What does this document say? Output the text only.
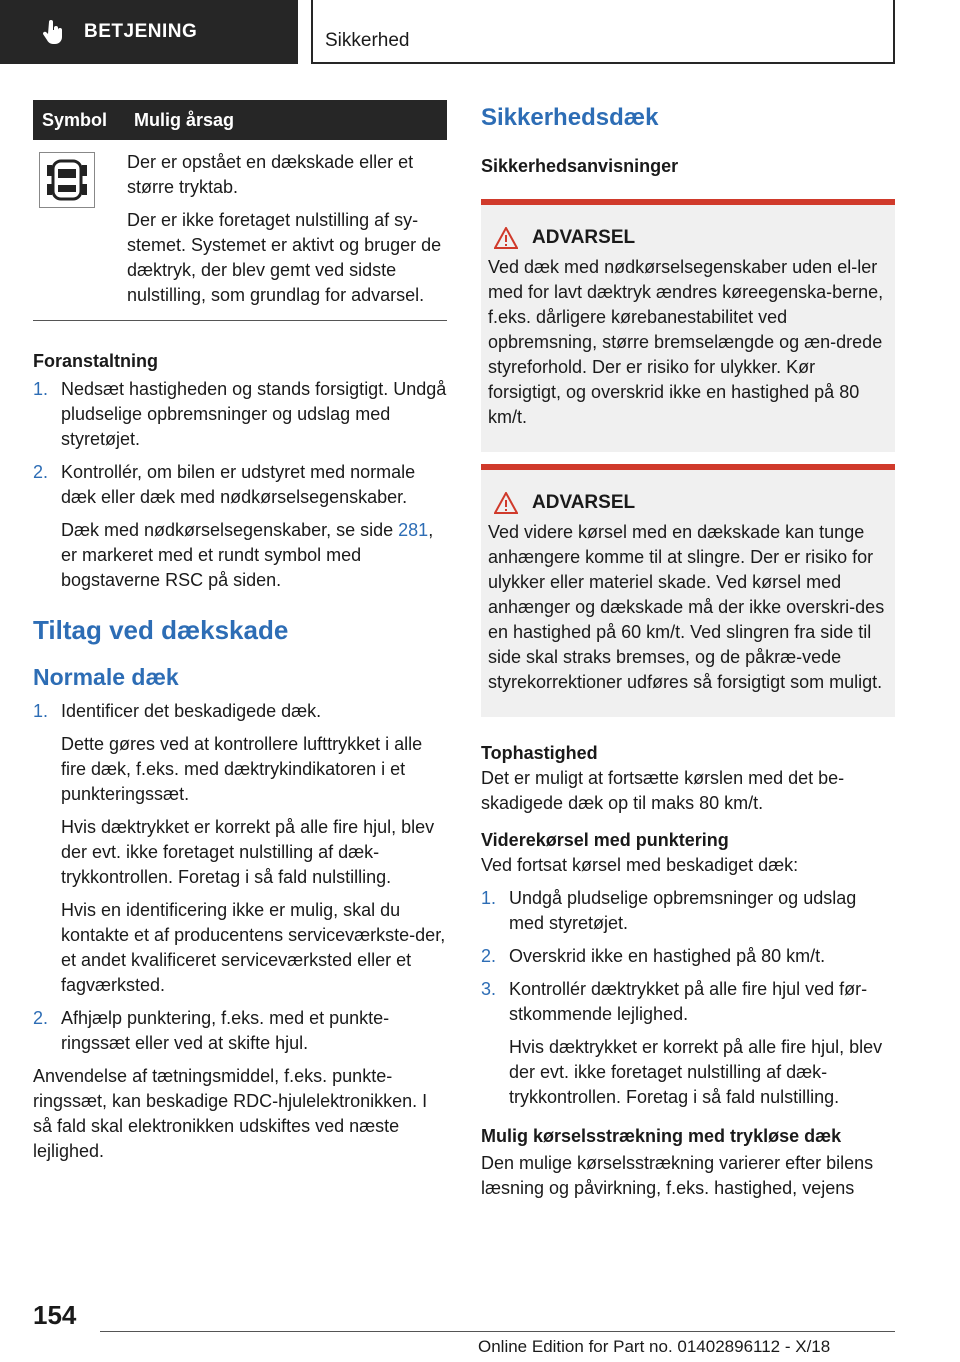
BETJENING	Sikkerhed
Symbol	Mulig årsag

Der er opstået en dækskade eller et større tryktab.

Der er ikke foretaget nulstilling af sy-stemet. Systemet er aktivt og bruger de dæktryk, der blev gemt ved sidste nulstilling, som grundlag for advarsel.

Foranstaltning
1. Nedsæt hastigheden og stands forsigtigt. Undgå pludselige opbremsninger og udslag med styretøjet.
2. Kontrollér, om bilen er udstyret med normale dæk eller dæk med nødkørselsegenskaber.
Dæk med nødkørselsegenskaber, se side 281, er markeret med et rundt symbol med bogstaverne RSC på siden.
Tiltag ved dækskade
Normale dæk
1. Identificer det beskadigede dæk.
Dette gøres ved at kontrollere lufttrykket i alle fire dæk, f.eks. med dæktrykindikatoren i et punkteringssæt.
Hvis dæktrykket er korrekt på alle fire hjul, blev der evt. ikke foretaget nulstilling af dæk-trykkontrollen. Foretag i så fald nulstilling.
Hvis en identificering ikke er mulig, skal du kontakte et af producentens serviceværkste-der, et andet kvalificeret serviceværksted eller et fagværksted.
2. Afhjælp punktering, f.eks. med et punkte-ringssæt eller ved at skifte hjul.

Anvendelse af tætningsmiddel, f.eks. punkte-ringssæt, kan beskadige RDC-hjulelektronikken. I så fald skal elektronikken udskiftes ved næste lejlighed.

Sikkerhedsdæk
Sikkerhedsanvisninger
ADVARSEL
Ved dæk med nødkørselsegenskaber uden el-ler med for lavt dæktryk ændres køreegenska-berne, f.eks. dårligere kørebanestabilitet ved opbremsning, større bremselængde og æn-drede styreforhold. Der er risiko for ulykker. Kør forsigtigt, og overskrid ikke en hastighed på 80 km/t.
ADVARSEL
Ved videre kørsel med en dækskade kan tunge anhængere komme til at slingre. Der er risiko for ulykker eller materiel skade. Ved kørsel med anhænger og dækskade må der ikke overskri-des en hastighed på 60 km/t. Ved slingren fra side til side skal straks bremses, og de påkræ-vede styrekorrektioner udføres så forsigtigt som muligt.
Tophastighed

Det er muligt at fortsætte kørslen med det be-skadigede dæk op til maks 80 km/t.

Viderekørsel med punktering

Ved fortsat kørsel med beskadiget dæk:

1. Undgå pludselige opbremsninger og udslag med styretøjet.
2. Overskrid ikke en hastighed på 80 km/t.
3. Kontrollér dæktrykket på alle fire hjul ved før-stkommende lejlighed.
Hvis dæktrykket er korrekt på alle fire hjul, blev der evt. ikke foretaget nulstilling af dæk-trykkontrollen. Foretag i så fald nulstilling.
Mulig kørselsstrækning med trykløse dæk

Den mulige kørselsstrækning varierer efter bilens læsning og påvirkning, f.eks. hastighed, vejens

154
Online Edition for Part no. 01402896112 - X/18
